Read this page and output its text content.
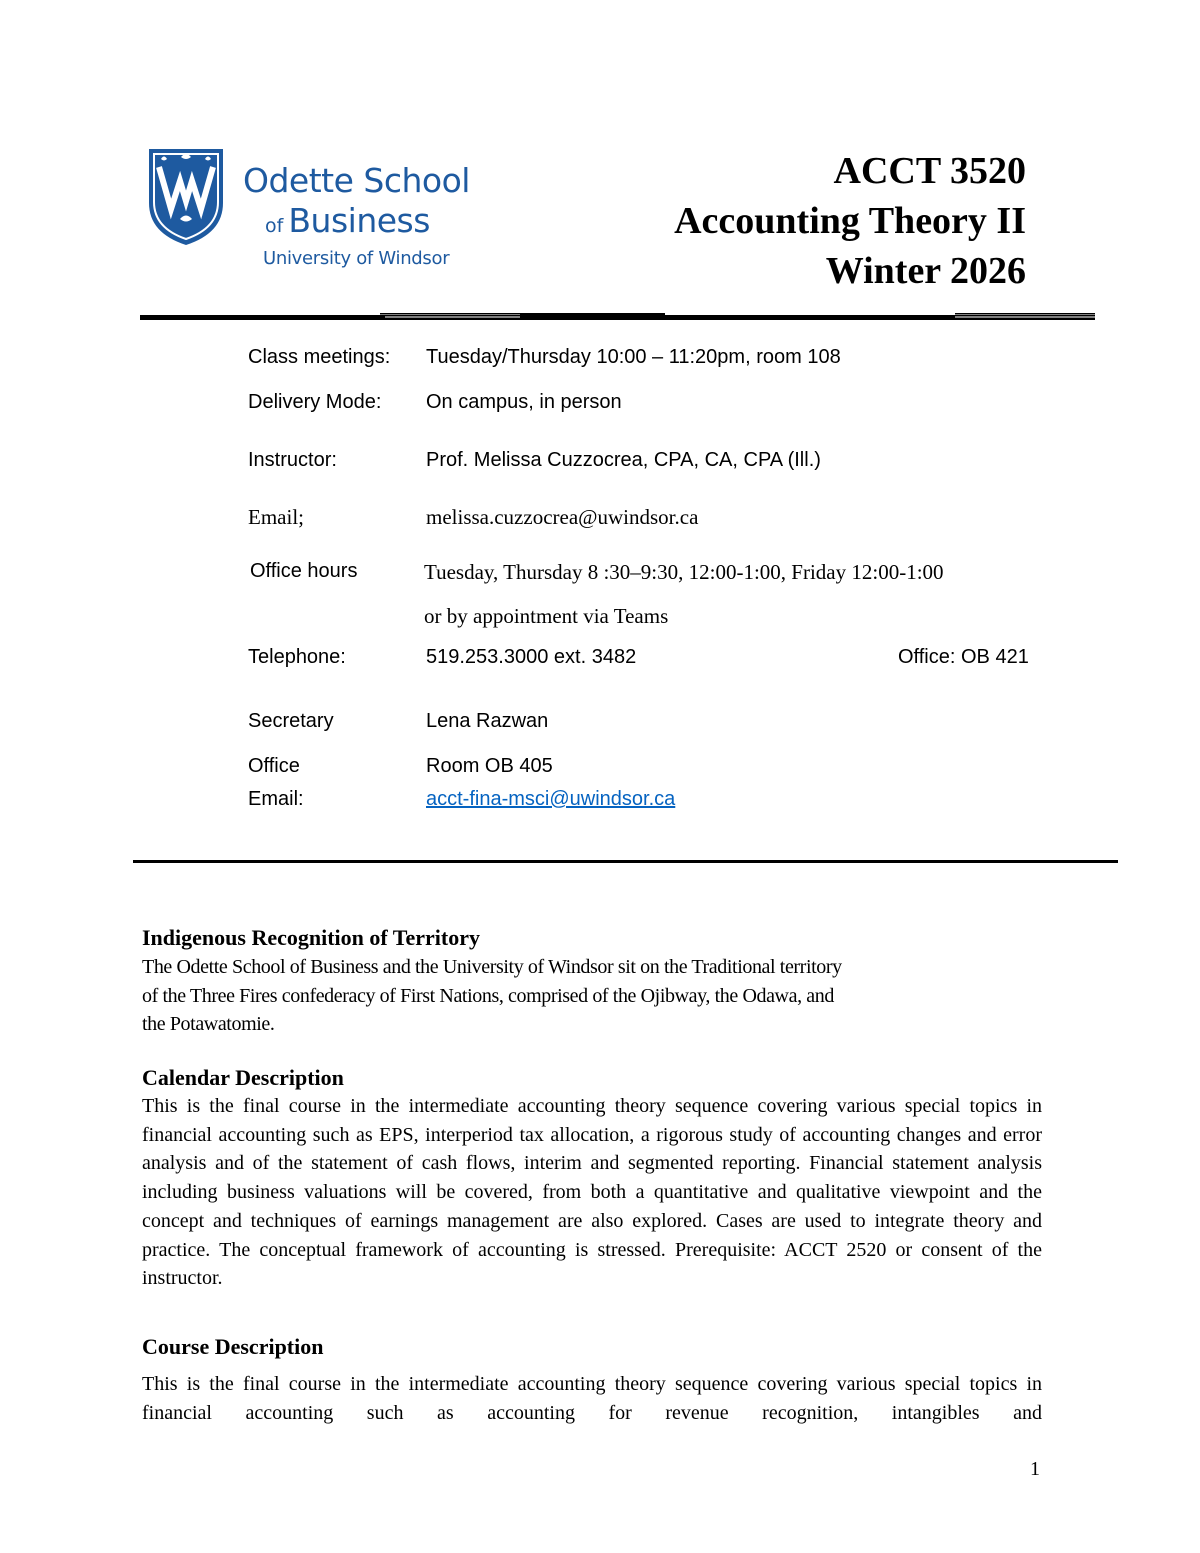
Odette School
of Business
University of Windsor
ACCT 3520
Accounting Theory II
Winter 2026
Class meetings: Tuesday/Thursday 10:00 – 11:20pm, room 108
Delivery Mode: On campus, in person
Instructor:	Prof. Melissa Cuzzocrea, CPA, CA, CPA (Ill.)
Email;	melissa.cuzzocrea@uwindsor.ca
Office hours	Tuesday, Thursday 8 :30–9:30, 12:00-1:00, Friday 12:00-1:00
or by appointment via Teams
Telephone:	519.253.3000 ext. 3482	Office: OB 421
Secretary	Lena Razwan
Office	Room OB 405
Email:	acct-fina-msci@uwindsor.ca
Indigenous Recognition of Territory
The Odette School of Business and the University of Windsor sit on the Traditional territory
of the Three Fires confederacy of First Nations, comprised of the Ojibway, the Odawa, and
the Potawatomie.
Calendar Description
This is the final course in the intermediate accounting theory sequence covering various special topics in financial accounting such as EPS, interperiod tax allocation, a rigorous study of accounting changes and error analysis and of the statement of cash flows, interim and segmented reporting. Financial statement analysis including business valuations will be covered, from both a quantitative and qualitative viewpoint and the concept and techniques of earnings management are also explored. Cases are used to integrate theory and practice. The conceptual framework of accounting is stressed. Prerequisite: ACCT 2520 or consent of the instructor.
Course Description
This is the final course in the intermediate accounting theory sequence covering various special topics in financial accounting such as accounting for revenue recognition, intangibles and
1
